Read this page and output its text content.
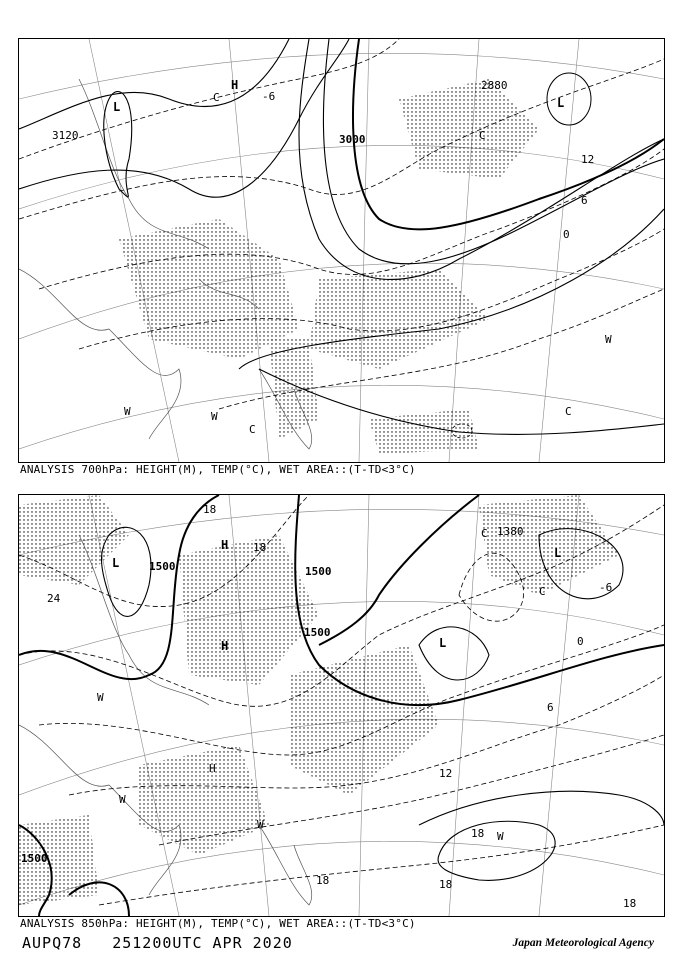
3120	3000
2880
12
6
0
-6
L
H
L
C
C
W	W
W
C
C
ANALYSIS 700hPa: HEIGHT(M), TEMP(°C), WET AREA::(T-TD<3°C)
1500	1500
1500
1380
1500
24
18
18
12
6
0
-6
18
18	18
18
L
H
H	L
L
W
W
W
W
C
C
H
ANALYSIS 850hPa: HEIGHT(M), TEMP(°C), WET AREA::(T-TD<3°C)
AUPQ78 251200UTC APR 2020	Japan Meteorological Agency
